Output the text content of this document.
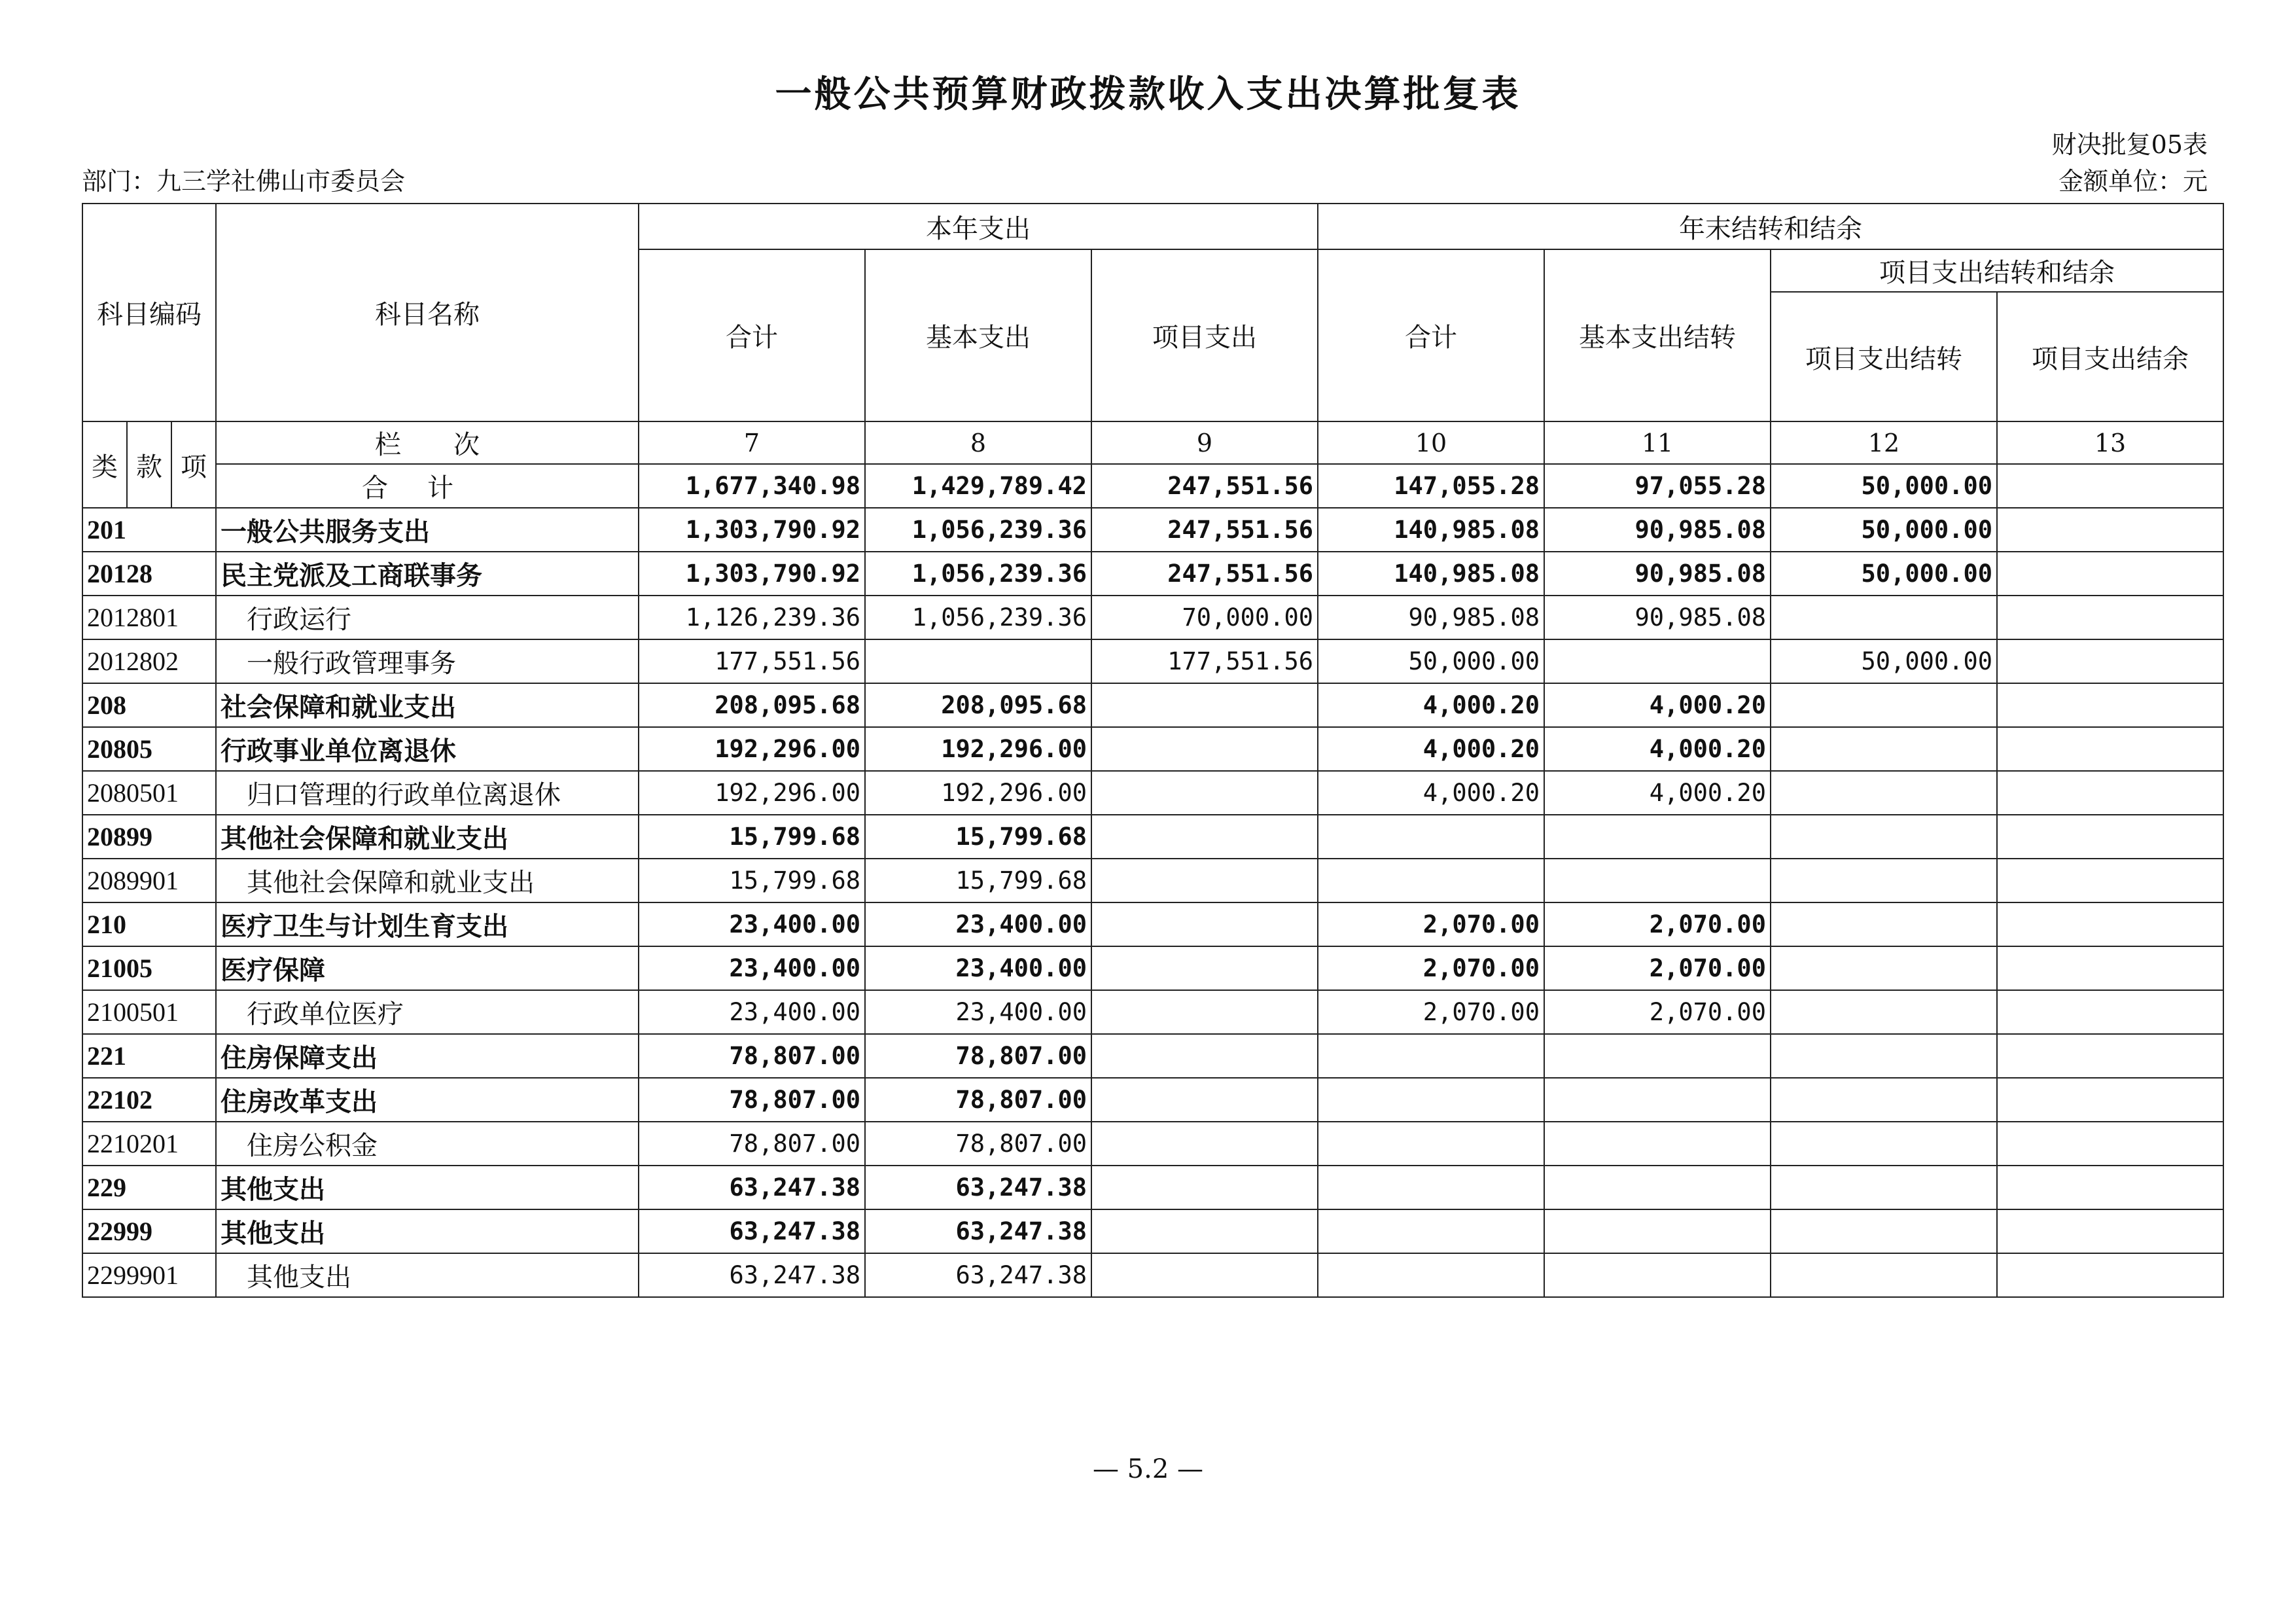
一般公共预算财政拨款收入支出决算批复表
财决批复05表
部门：九三学社佛山市委员会	金额单位：元
科目编码			科目名称	本年支出			年末结转和结余			
				合计	基本支出	项目支出	合计	基本支出结转	项目支出结转和结余	
									项目支出结转	项目支出结余
类	款	项	栏　　次	7	8	9	10	11	12	13
			合计	1,677,340.98	1,429,789.42	247,551.56	147,055.28	97,055.28	50,000.00	
201			一般公共服务支出	1,303,790.92	1,056,239.36	247,551.56	140,985.08	90,985.08	50,000.00	
20128			民主党派及工商联事务	1,303,790.92	1,056,239.36	247,551.56	140,985.08	90,985.08	50,000.00	
2012801			行政运行	1,126,239.36	1,056,239.36	70,000.00	90,985.08	90,985.08		
2012802			一般行政管理事务	177,551.56		177,551.56	50,000.00		50,000.00	
208			社会保障和就业支出	208,095.68	208,095.68		4,000.20	4,000.20		
20805			行政事业单位离退休	192,296.00	192,296.00		4,000.20	4,000.20		
2080501			归口管理的行政单位离退休	192,296.00	192,296.00		4,000.20	4,000.20		
20899			其他社会保障和就业支出	15,799.68	15,799.68					
2089901			其他社会保障和就业支出	15,799.68	15,799.68					
210			医疗卫生与计划生育支出	23,400.00	23,400.00		2,070.00	2,070.00		
21005			医疗保障	23,400.00	23,400.00		2,070.00	2,070.00		
2100501			行政单位医疗	23,400.00	23,400.00		2,070.00	2,070.00		
221			住房保障支出	78,807.00	78,807.00					
22102			住房改革支出	78,807.00	78,807.00					
2210201			住房公积金	78,807.00	78,807.00					
229			其他支出	63,247.38	63,247.38					
22999			其他支出	63,247.38	63,247.38					
2299901			其他支出	63,247.38	63,247.38					
— 5.2 —
